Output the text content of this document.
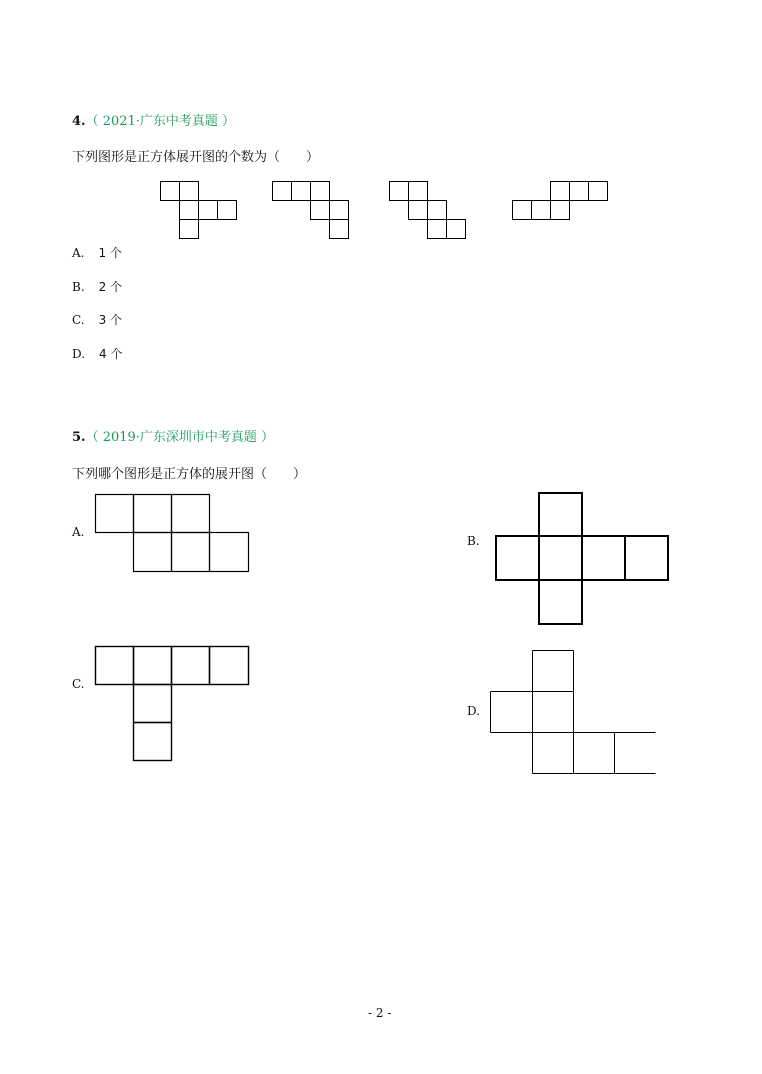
4.（ 2021·广东中考真题 ）
下列图形是正方体展开图的个数为（　　）
A. 1 个
B. 2 个
C. 3 个
D. 4 个
5.（ 2019·广东深圳市中考真题 ）
下列哪个图形是正方体的展开图（　　）
A.
B.
C.
D.
- 2 -
